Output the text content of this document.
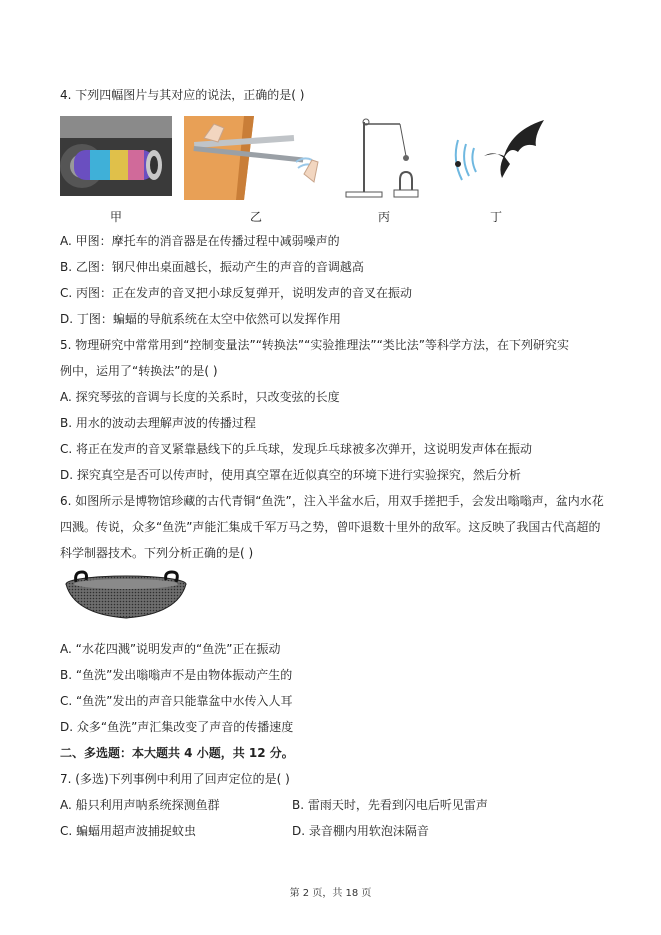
4. 下列四幅图片与其对应的说法，正确的是( )
甲	乙	丙	丁
A. 甲图：摩托车的消音器是在传播过程中减弱噪声的
B. 乙图：钢尺伸出桌面越长，振动产生的声音的音调越高
C. 丙图：正在发声的音叉把小球反复弹开，说明发声的音叉在振动
D. 丁图：蝙蝠的导航系统在太空中依然可以发挥作用
5. 物理研究中常常用到“控制变量法”“转换法”“实验推理法”“类比法”等科学方法，在下列研究实
例中，运用了“转换法”的是( )
A. 探究琴弦的音调与长度的关系时，只改变弦的长度
B. 用水的波动去理解声波的传播过程
C. 将正在发声的音叉紧靠悬线下的乒乓球，发现乒乓球被多次弹开，这说明发声体在振动
D. 探究真空是否可以传声时，使用真空罩在近似真空的环境下进行实验探究，然后分析
6. 如图所示是博物馆珍藏的古代青铜“鱼洗”，注入半盆水后，用双手搓把手，会发出嗡嗡声，盆内水花
四溅。传说，众多“鱼洗”声能汇集成千军万马之势，曾吓退数十里外的敌军。这反映了我国古代高超的
科学制器技术。下列分析正确的是( )
A. “水花四溅”说明发声的“鱼洗”正在振动
B. “鱼洗”发出嗡嗡声不是由物体振动产生的
C. “鱼洗”发出的声音只能靠盆中水传入人耳
D. 众多“鱼洗”声汇集改变了声音的传播速度
二、多选题：本大题共 4 小题，共 12 分。
7. (多选)下列事例中利用了回声定位的是( )
A. 船只利用声呐系统探测鱼群	B. 雷雨天时，先看到闪电后听见雷声
C. 蝙蝠用超声波捕捉蚊虫	D. 录音棚内用软泡沫隔音
第 2 页，共 18 页
